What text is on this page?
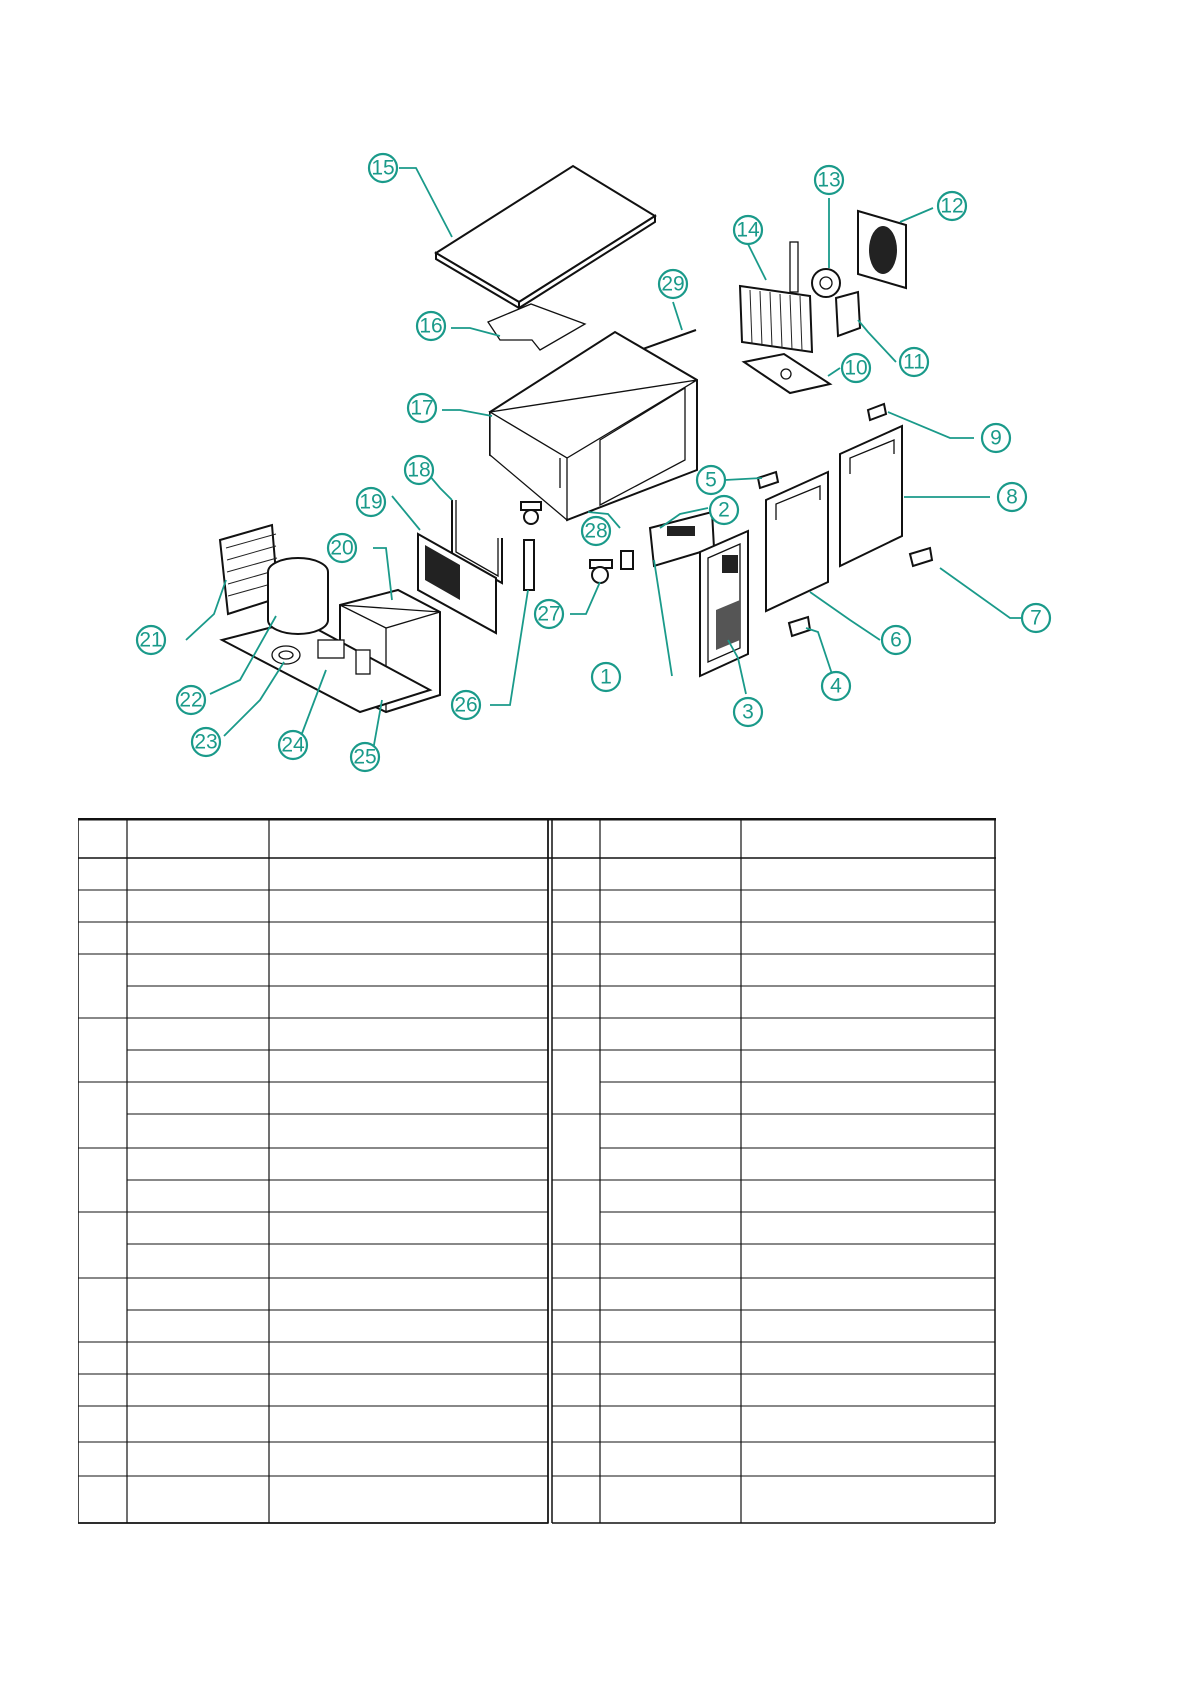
1
2
3
4
5
6
7
8
9
10 11
12
13
14
15
16
17
18
19
20
21
22
23	24
25
26
27
28
29
